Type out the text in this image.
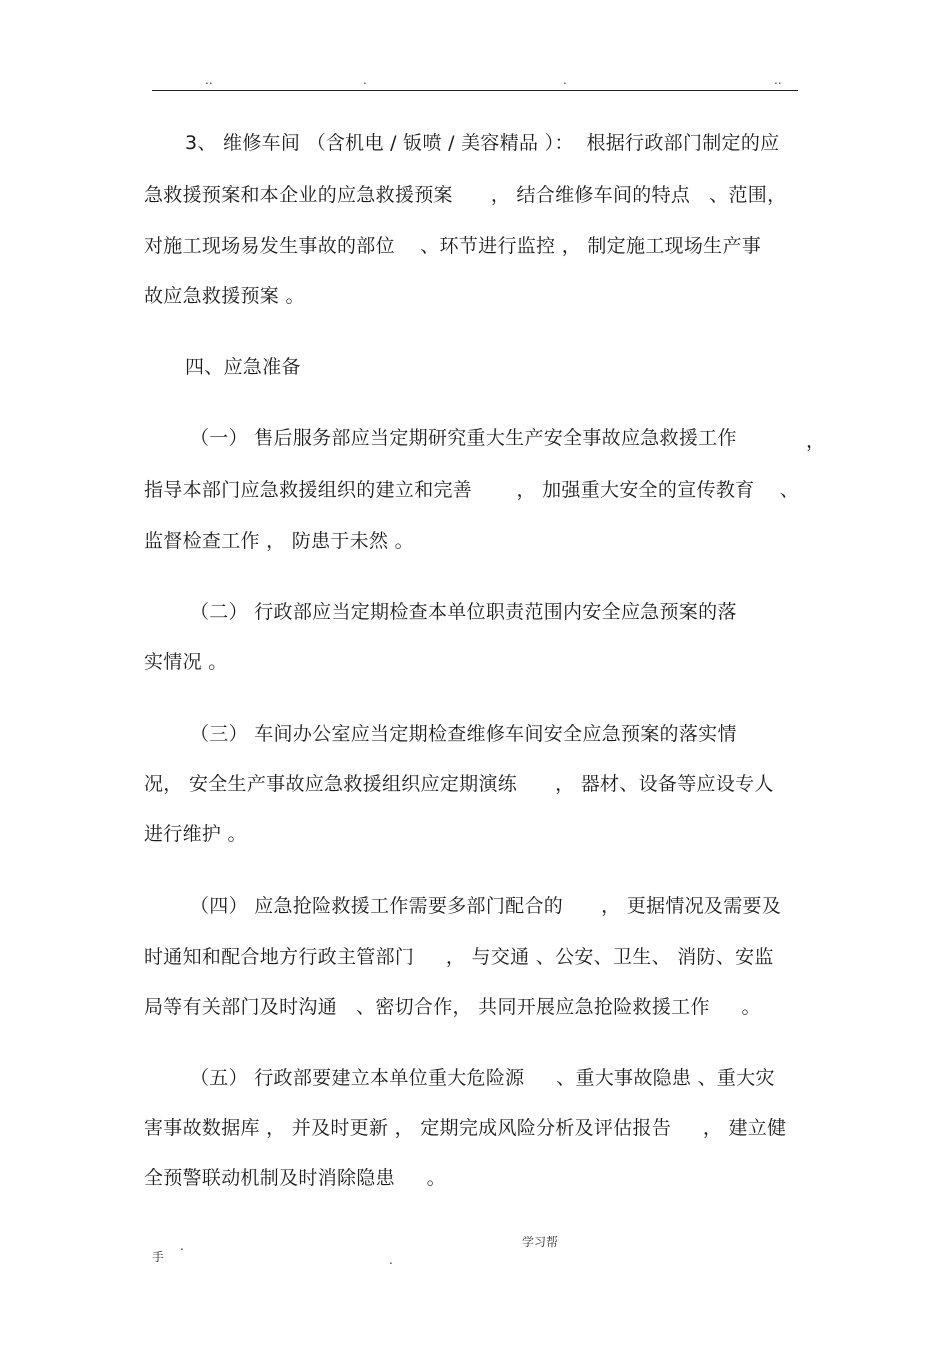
..	.	.	..
3、 维修车间 （含机电 / 钣喷 / 美容精品 ）：  根据行政部门制定的应
急救援预案和本企业的应急救援预案      ， 结合维修车间的特点   、范围，
对施工现场易发生事故的部位    、环节进行监控 ， 制定施工现场生产事
故应急救援预案 。
四、应急准备
（一） 售后服务部应当定期研究重大生产安全事故应急救援工作	，
指导本部门应急救援组织的建立和完善       ， 加强重大安全的宣传教育    、
监督检查工作 ， 防患于未然 。
（二） 行政部应当定期检查本单位职责范围内安全应急预案的落
实情况 。
（三） 车间办公室应当定期检查维修车间安全应急预案的落实情
况， 安全生产事故应急救援组织应定期演练      ， 器材、设备等应设专人
进行维护 。
（四） 应急抢险救援工作需要多部门配合的      ， 更据情况及需要及
时通知和配合地方行政主管部门     ， 与交通 、公安、卫生、 消防、安监
局等有关部门及时沟通   、密切合作， 共同开展应急抢险救援工作     。
（五） 行政部要建立本单位重大危险源     、重大事故隐患 、重大灾
害事故数据库 ， 并及时更新 ， 定期完成风险分析及评估报告     ， 建立健
全预警联动机制及时消除隐患     。
.	学习帮
手	.
